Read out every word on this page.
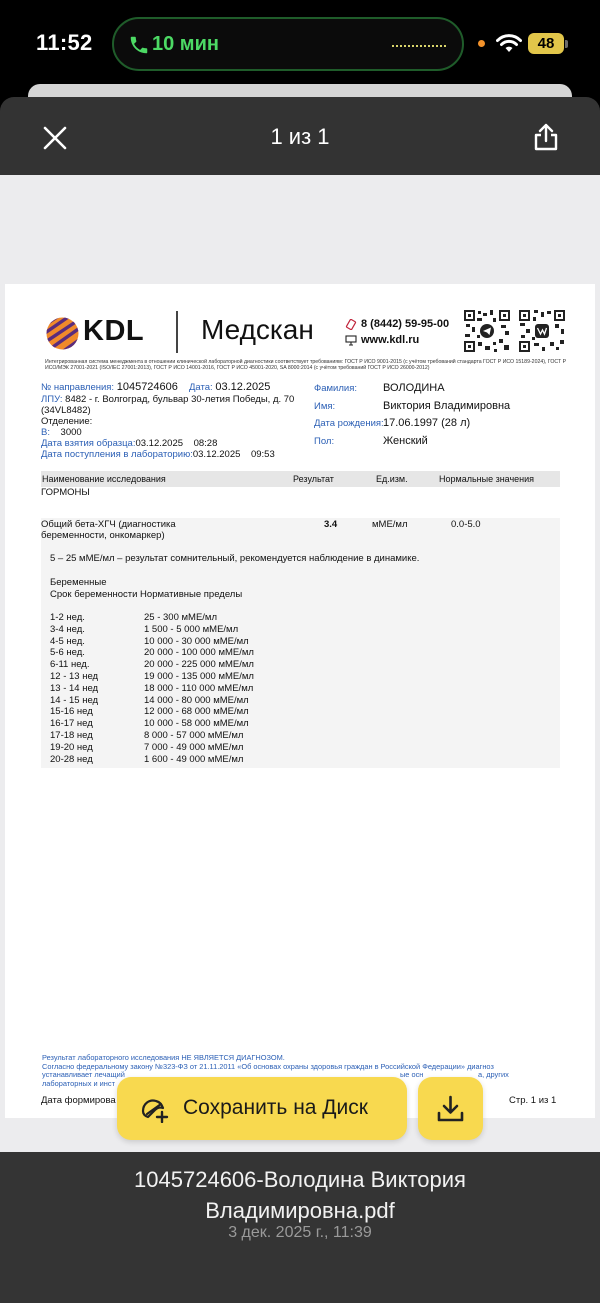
11:52	10 мин	48
1 из 1
KDL Медскан	8 (8442) 59-95-00
www.kdl.ru
Интегрированная система менеджмента в отношении клинической лабораторной диагностики соответствует требованиям: ГОСТ Р ИСО 9001-2015 (с учётом требований стандарта ГОСТ Р ИСО 15189-2024), ГОСТ Р ИСО/МЭК 27001-2021 (ISO/IEC 27001:2013), ГОСТ Р ИСО 14001-2016, ГОСТ Р ИСО 45001-2020, SA 8000:2014 (с учётом требований ГОСТ Р ИСО 26000-2012)
№ направления: 1045724606 Дата: 03.12.2025
ЛПУ: 8482 - г. Волгоград, бульвар 30-летия Победы, д. 70
(34VL8482)
Отделение:
В: 3000
Дата взятия образца:03.12.2025    08:28
Дата поступления в лабораторию:03.12.2025    09:53
Фамилия: ВОЛОДИНА
Имя:	Виктория Владимировна
Дата рождения: 17.06.1997 (28 л)
Пол:	Женский
Наименование исследования	Результат	Ед.изм.	Нормальные значения
ГОРМОНЫ
Общий бета-ХГЧ (диагностика
беременности, онкомаркер)
3.4	мМЕ/мл	0.0-5.0
5 – 25 мМЕ/мл – результат сомнительный, рекомендуется наблюдение в динамике.
Беременные
Срок беременности Нормативные пределы
1-2 нед.	25 - 300 мМЕ/мл
3-4 нед.	1 500 - 5 000 мМЕ/мл
4-5 нед.	10 000 - 30 000 мМЕ/мл
5-6 нед.	20 000 - 100 000 мМЕ/мл
6-11 нед.	20 000 - 225 000 мМЕ/мл
12 - 13 нед	19 000 - 135 000 мМЕ/мл
13 - 14 нед	18 000 - 110 000 мМЕ/мл
14 - 15 нед	14 000 - 80 000 мМЕ/мл
15-16 нед	12 000 - 68 000 мМЕ/мл
16-17 нед	10 000 - 58 000 мМЕ/мл
17-18 нед	8 000 - 57 000 мМЕ/мл
19-20 нед	7 000 - 49 000 мМЕ/мл
20-28 нед	1 600 - 49 000 мМЕ/мл
Результат лабораторного исследования НЕ ЯВЛЯЕТСЯ ДИАГНОЗОМ.
Согласно федеральному закону №323-ФЗ от 21.11.2011 «Об основах охраны здоровья граждан в Российской Федерации» диагноз
устанавливает лечащий	ые осн	а, других
лабораторных и инст
Дата формирова	Стр. 1 из 1
Сохранить на Диск
1045724606-Володина Виктория
Владимировна.pdf
3 дек. 2025 г., 11:39
